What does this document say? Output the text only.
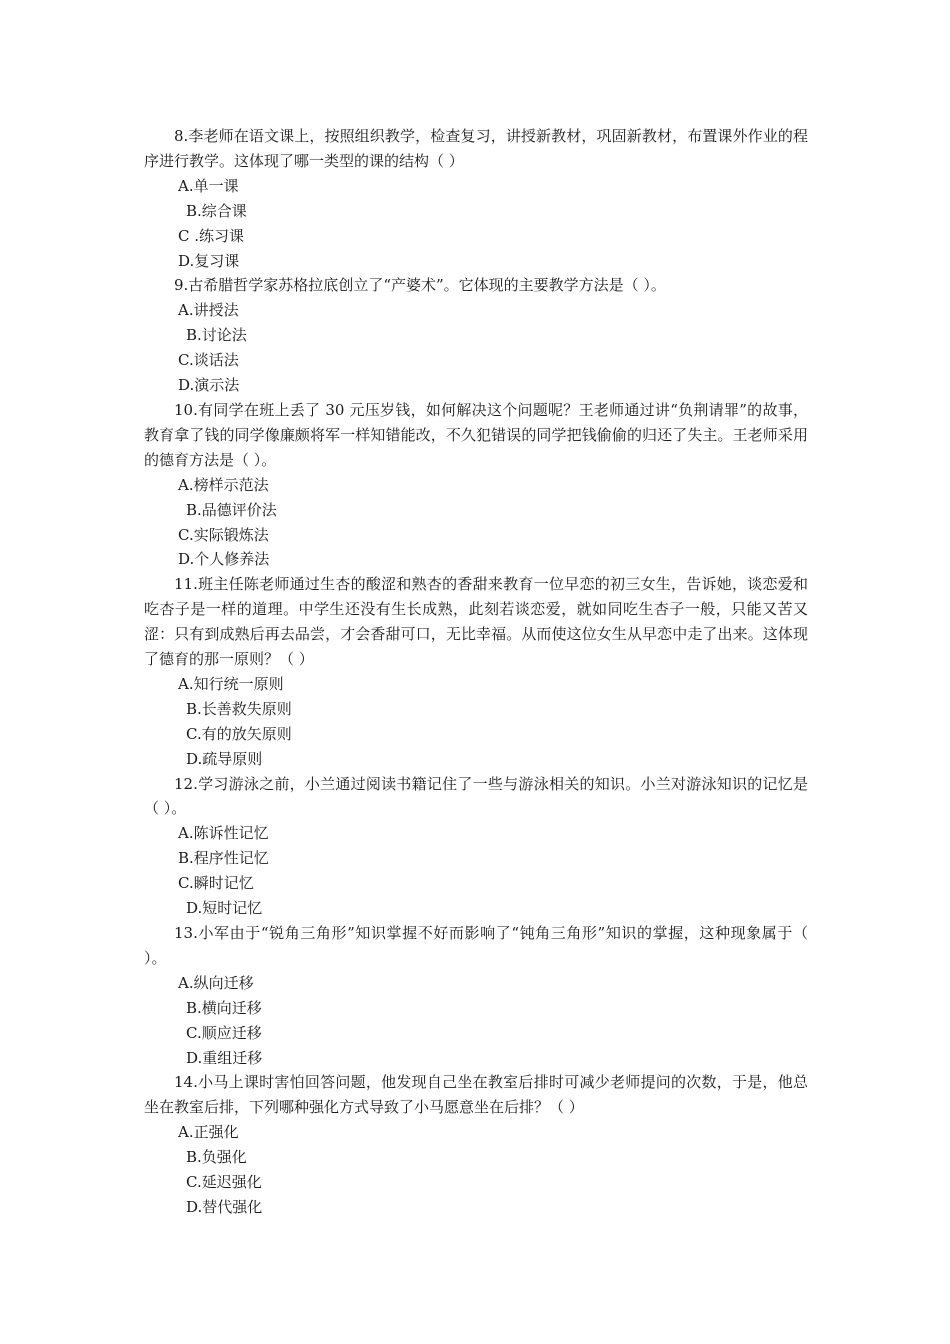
8.李老师在语文课上，按照组织教学，检查复习，讲授新教材，巩固新教材，布置课外作业的程序进行教学。这体现了哪一类型的课的结构（ ）

A.单一课

B.综合课

C .练习课

D.复习课

9.古希腊哲学家苏格拉底创立了“产婆术”。它体现的主要教学方法是（ ）。

A.讲授法

B.讨论法

C.谈话法

D.演示法

10.有同学在班上丢了 30 元压岁钱，如何解决这个问题呢？王老师通过讲“负荆请罪”的故事，教育拿了钱的同学像廉颇将军一样知错能改，不久犯错误的同学把钱偷偷的归还了失主。王老师采用的德育方法是（ ）。

A.榜样示范法

B.品德评价法

C.实际锻炼法

D.个人修养法

11.班主任陈老师通过生杏的酸涩和熟杏的香甜来教育一位早恋的初三女生，告诉她，谈恋爱和吃杏子是一样的道理。中学生还没有生长成熟，此刻若谈恋爱，就如同吃生杏子一般，只能又苦又涩：只有到成熟后再去品尝，才会香甜可口，无比幸福。从而使这位女生从早恋中走了出来。这体现了德育的那一原则？（ ）

A.知行统一原则

B.长善救失原则

C.有的放矢原则

D.疏导原则

12.学习游泳之前，小兰通过阅读书籍记住了一些与游泳相关的知识。小兰对游泳知识的记忆是（ ）。

A.陈诉性记忆

B.程序性记忆

C.瞬时记忆

D.短时记忆

13.小军由于“锐角三角形”知识掌握不好而影响了“钝角三角形”知识的掌握，这种现象属于（ ）。

A.纵向迁移

B.横向迁移

C.顺应迁移

D.重组迁移

14.小马上课时害怕回答问题，他发现自己坐在教室后排时可减少老师提问的次数，于是，他总坐在教室后排，下列哪种强化方式导致了小马愿意坐在后排？（ ）

A.正强化

B.负强化

C.延迟强化

D.替代强化
